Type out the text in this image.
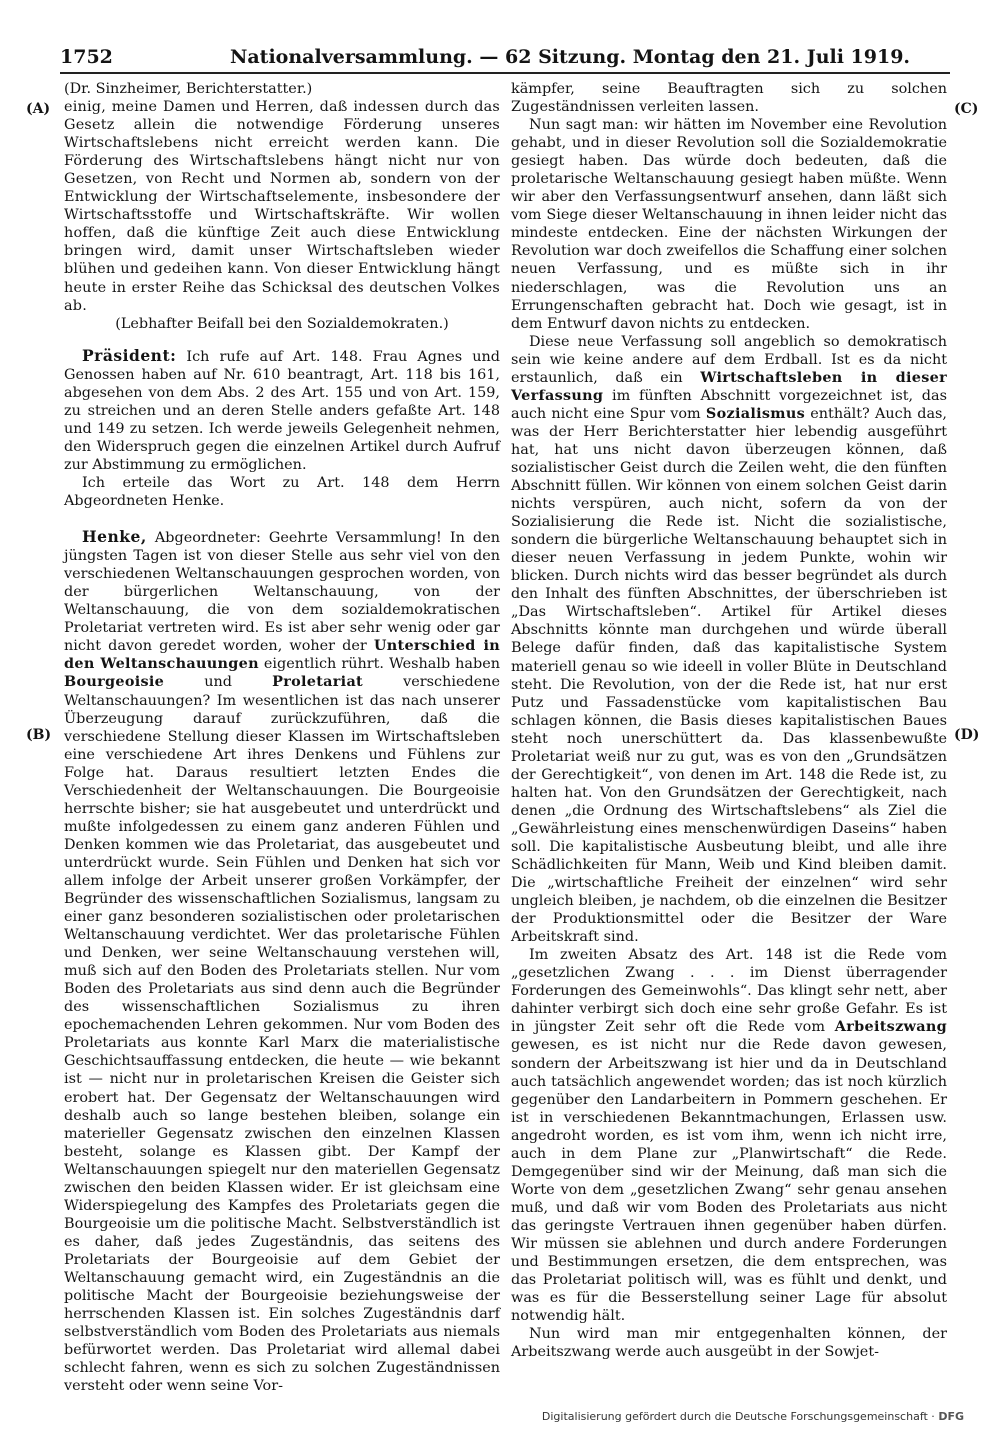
1752	Nationalversammlung. — 62 Sitzung. Montag den 21. Juli 1919.
(A)
(B)
(C)
(D)

(Dr. Sinzheimer, Berichterstatter.)

einig, meine Damen und Herren, daß indessen durch das Gesetz allein die notwendige Förderung unseres Wirtschaftslebens nicht erreicht werden kann. Die Förderung des Wirtschaftslebens hängt nicht nur von Gesetzen, von Recht und Normen ab, sondern von der Entwicklung der Wirtschaftselemente, insbesondere der Wirtschaftsstoffe und Wirtschaftskräfte. Wir wollen hoffen, daß die künftige Zeit auch diese Entwicklung bringen wird, damit unser Wirtschaftsleben wieder blühen und gedeihen kann. Von dieser Entwicklung hängt heute in erster Reihe das Schicksal des deutschen Volkes ab.

(Lebhafter Beifall bei den Sozialdemokraten.)

Präsident: Ich rufe auf Art. 148. Frau Agnes und Genossen haben auf Nr. 610 beantragt, Art. 118 bis 161, abgesehen von dem Abs. 2 des Art. 155 und von Art. 159, zu streichen und an deren Stelle anders gefaßte Art. 148 und 149 zu setzen. Ich werde jeweils Gelegenheit nehmen, den Widerspruch gegen die einzelnen Artikel durch Aufruf zur Abstimmung zu ermöglichen.

Ich erteile das Wort zu Art. 148 dem Herrn Abgeordneten Henke.

Henke, Abgeordneter: Geehrte Versammlung! In den jüngsten Tagen ist von dieser Stelle aus sehr viel von den verschiedenen Weltanschauungen gesprochen worden, von der bürgerlichen Weltanschauung, von der Weltanschauung, die von dem sozialdemokratischen Proletariat vertreten wird. Es ist aber sehr wenig oder gar nicht davon geredet worden, woher der Unterschied in den Weltanschauungen eigentlich rührt. Weshalb haben Bourgeoisie und Proletariat verschiedene Weltanschauungen? Im wesentlichen ist das nach unserer Überzeugung darauf zurückzuführen, daß die verschiedene Stellung dieser Klassen im Wirtschaftsleben eine verschiedene Art ihres Denkens und Fühlens zur Folge hat. Daraus resultiert letzten Endes die Verschiedenheit der Weltanschauungen. Die Bourgeoisie herrschte bisher; sie hat ausgebeutet und unterdrückt und mußte infolgedessen zu einem ganz anderen Fühlen und Denken kommen wie das Proletariat, das ausgebeutet und unterdrückt wurde. Sein Fühlen und Denken hat sich vor allem infolge der Arbeit unserer großen Vorkämpfer, der Begründer des wissenschaftlichen Sozialismus, langsam zu einer ganz besonderen sozialistischen oder proletarischen Weltanschauung verdichtet. Wer das proletarische Fühlen und Denken, wer seine Weltanschauung verstehen will, muß sich auf den Boden des Proletariats stellen. Nur vom Boden des Proletariats aus sind denn auch die Begründer des wissenschaftlichen Sozialismus zu ihren epochemachenden Lehren gekommen. Nur vom Boden des Proletariats aus konnte Karl Marx die materialistische Geschichtsauffassung entdecken, die heute — wie bekannt ist — nicht nur in proletarischen Kreisen die Geister sich erobert hat. Der Gegensatz der Weltanschauungen wird deshalb auch so lange bestehen bleiben, solange ein materieller Gegensatz zwischen den einzelnen Klassen besteht, solange es Klassen gibt. Der Kampf der Weltanschauungen spiegelt nur den materiellen Gegensatz zwischen den beiden Klassen wider. Er ist gleichsam eine Widerspiegelung des Kampfes des Proletariats gegen die Bourgeoisie um die politische Macht. Selbstverständlich ist es daher, daß jedes Zugeständnis, das seitens des Proletariats der Bourgeoisie auf dem Gebiet der Weltanschauung gemacht wird, ein Zugeständnis an die politische Macht der Bourgeoisie beziehungsweise der herrschenden Klassen ist. Ein solches Zugeständnis darf selbstverständlich vom Boden des Proletariats aus niemals befürwortet werden. Das Proletariat wird allemal dabei schlecht fahren, wenn es sich zu solchen Zugeständnissen versteht oder wenn seine Vor-

kämpfer, seine Beauftragten sich zu solchen Zugeständnissen verleiten lassen.

Nun sagt man: wir hätten im November eine Revolution gehabt, und in dieser Revolution soll die Sozialdemokratie gesiegt haben. Das würde doch bedeuten, daß die proletarische Weltanschauung gesiegt haben müßte. Wenn wir aber den Verfassungsentwurf ansehen, dann läßt sich vom Siege dieser Weltanschauung in ihnen leider nicht das mindeste entdecken. Eine der nächsten Wirkungen der Revolution war doch zweifellos die Schaffung einer solchen neuen Verfassung, und es müßte sich in ihr niederschlagen, was die Revolution uns an Errungenschaften gebracht hat. Doch wie gesagt, ist in dem Entwurf davon nichts zu entdecken.

Diese neue Verfassung soll angeblich so demokratisch sein wie keine andere auf dem Erdball. Ist es da nicht erstaunlich, daß ein Wirtschaftsleben in dieser Verfassung im fünften Abschnitt vorgezeichnet ist, das auch nicht eine Spur vom Sozialismus enthält? Auch das, was der Herr Berichterstatter hier lebendig ausgeführt hat, hat uns nicht davon überzeugen können, daß sozialistischer Geist durch die Zeilen weht, die den fünften Abschnitt füllen. Wir können von einem solchen Geist darin nichts verspüren, auch nicht, sofern da von der Sozialisierung die Rede ist. Nicht die sozialistische, sondern die bürgerliche Weltanschauung behauptet sich in dieser neuen Verfassung in jedem Punkte, wohin wir blicken. Durch nichts wird das besser begründet als durch den Inhalt des fünften Abschnittes, der überschrieben ist „Das Wirtschaftsleben“. Artikel für Artikel dieses Abschnitts könnte man durchgehen und würde überall Belege dafür finden, daß das kapitalistische System materiell genau so wie ideell in voller Blüte in Deutschland steht. Die Revolution, von der die Rede ist, hat nur erst Putz und Fassadenstücke vom kapitalistischen Bau schlagen können, die Basis dieses kapitalistischen Baues steht noch unerschüttert da. Das klassenbewußte Proletariat weiß nur zu gut, was es von den „Grundsätzen der Gerechtigkeit“, von denen im Art. 148 die Rede ist, zu halten hat. Von den Grundsätzen der Gerechtigkeit, nach denen „die Ordnung des Wirtschaftslebens“ als Ziel die „Gewährleistung eines menschenwürdigen Daseins“ haben soll. Die kapitalistische Ausbeutung bleibt, und alle ihre Schädlichkeiten für Mann, Weib und Kind bleiben damit. Die „wirtschaftliche Freiheit der einzelnen“ wird sehr ungleich bleiben, je nachdem, ob die einzelnen die Besitzer der Produktionsmittel oder die Besitzer der Ware Arbeitskraft sind.

Im zweiten Absatz des Art. 148 ist die Rede vom „gesetzlichen Zwang . . . im Dienst überragender Forderungen des Gemeinwohls“. Das klingt sehr nett, aber dahinter verbirgt sich doch eine sehr große Gefahr. Es ist in jüngster Zeit sehr oft die Rede vom Arbeitszwang gewesen, es ist nicht nur die Rede davon gewesen, sondern der Arbeitszwang ist hier und da in Deutschland auch tatsächlich angewendet worden; das ist noch kürzlich gegenüber den Landarbeitern in Pommern geschehen. Er ist in verschiedenen Bekanntmachungen, Erlassen usw. angedroht worden, es ist vom ihm, wenn ich nicht irre, auch in dem Plane zur „Planwirtschaft“ die Rede. Demgegenüber sind wir der Meinung, daß man sich die Worte von dem „gesetzlichen Zwang“ sehr genau ansehen muß, und daß wir vom Boden des Proletariats aus nicht das geringste Vertrauen ihnen gegenüber haben dürfen. Wir müssen sie ablehnen und durch andere Forderungen und Bestimmungen ersetzen, die dem entsprechen, was das Proletariat politisch will, was es fühlt und denkt, und was es für die Besserstellung seiner Lage für absolut notwendig hält.

Nun wird man mir entgegenhalten können, der Arbeitszwang werde auch ausgeübt in der Sowjet-

Digitalisierung gefördert durch die Deutsche Forschungsgemeinschaft · DFG
